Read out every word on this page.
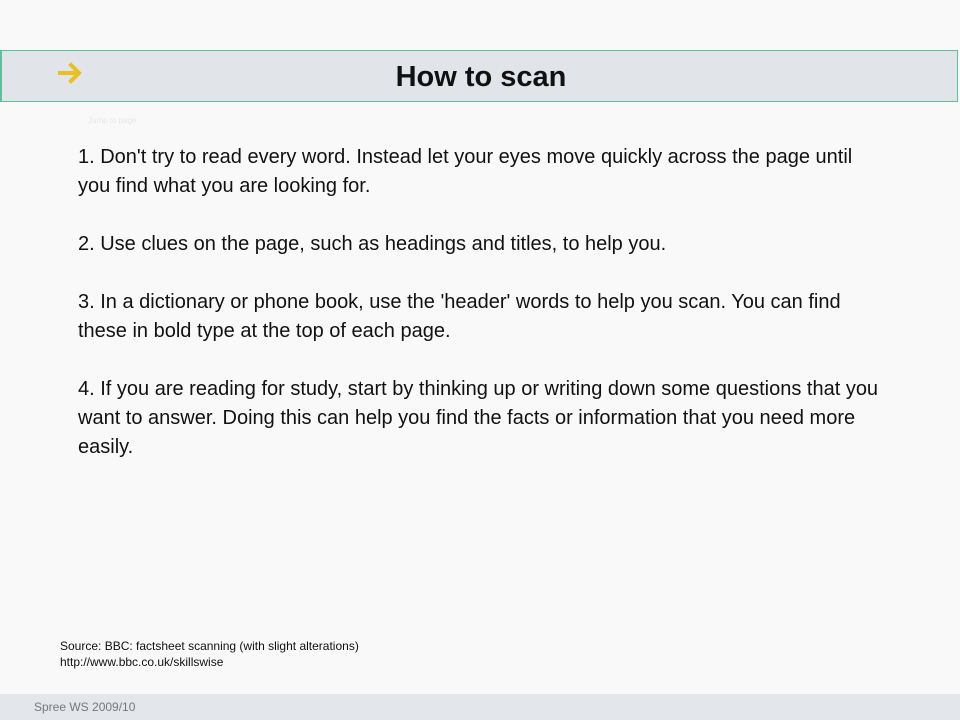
How to scan
Jump to page

1. Don't try to read every word. Instead let your eyes move quickly across the page until you find what you are looking for.

2. Use clues on the page, such as headings and titles, to help you.

3. In a dictionary or phone book, use the 'header' words to help you scan. You can find these in bold type at the top of each page.

4. If you are reading for study, start by thinking up or writing down some questions that you want to answer. Doing this can help you find the facts or information that you need more easily.

Source: BBC: factsheet scanning (with slight alterations)
http://www.bbc.co.uk/skillswise
Spree WS 2009/10
